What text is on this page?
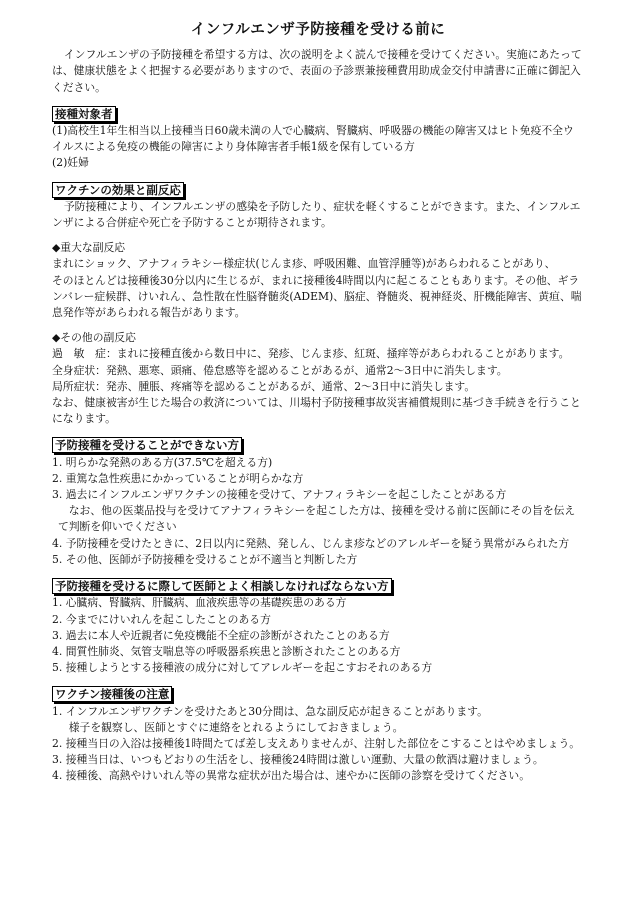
インフルエンザ予防接種を受ける前に

インフルエンザの予防接種を希望する方は、次の説明をよく読んで接種を受けてください。実施にあたっては、健康状態をよく把握する必要がありますので、表面の予診票兼接種費用助成金交付申請書に正確に御記入ください。

接種対象者

(1)高校生1年生相当以上接種当日60歳未満の人で心臓病、腎臓病、呼吸器の機能の障害又はヒト免疫不全ウイルスによる免疫の機能の障害により身体障害者手帳1級を保有している方

(2)妊婦

ワクチンの効果と副反応

予防接種により、インフルエンザの感染を予防したり、症状を軽くすることができます。また、インフルエンザによる合併症や死亡を予防することが期待されます。

◆重大な副反応

まれにショック、アナフィラキシー様症状(じんま疹、呼吸困難、血管浮腫等)があらわれることがあり、

そのほとんどは接種後30分以内に生じるが、まれに接種後4時間以内に起こることもあります。その他、ギランバレー症候群、けいれん、急性散在性脳脊髄炎(ADEM)、脳症、脊髄炎、視神経炎、肝機能障害、黄疸、喘息発作等があらわれる報告があります。

◆その他の副反応

過　敏　症：まれに接種直後から数日中に、発疹、じんま疹、紅斑、掻痒等があらわれることがあります。

全身症状：発熱、悪寒、頭痛、倦怠感等を認めることがあるが、通常2～3日中に消失します。

局所症状：発赤、腫脹、疼痛等を認めることがあるが、通常、2～3日中に消失します。

なお、健康被害が生じた場合の救済については、川場村予防接種事故災害補償規則に基づき手続きを行うことになります。

予防接種を受けることができない方

1. 明らかな発熱のある方(37.5℃を超える方)

2. 重篤な急性疾患にかかっていることが明らかな方

3. 過去にインフルエンザワクチンの接種を受けて、アナフィラキシーを起こしたことがある方

なお、他の医薬品投与を受けてアナフィラキシーを起こした方は、接種を受ける前に医師にその旨を伝えて判断を仰いでください

4. 予防接種を受けたときに、2日以内に発熱、発しん、じんま疹などのアレルギーを疑う異常がみられた方

5. その他、医師が予防接種を受けることが不適当と判断した方

予防接種を受けるに際して医師とよく相談しなければならない方

1. 心臓病、腎臓病、肝臓病、血液疾患等の基礎疾患のある方

2. 今までにけいれんを起こしたことのある方

3. 過去に本人や近親者に免疫機能不全症の診断がされたことのある方

4. 間質性肺炎、気管支喘息等の呼吸器系疾患と診断されたことのある方

5. 接種しようとする接種液の成分に対してアレルギーを起こすおそれのある方

ワクチン接種後の注意

1. インフルエンザワクチンを受けたあと30分間は、急な副反応が起きることがあります。

様子を観察し、医師とすぐに連絡をとれるようにしておきましょう。

2. 接種当日の入浴は接種後1時間たてば差し支えありませんが、注射した部位をこすることはやめましょう。

3. 接種当日は、いつもどおりの生活をし、接種後24時間は激しい運動、大量の飲酒は避けましょう。

4. 接種後、高熱やけいれん等の異常な症状が出た場合は、速やかに医師の診察を受けてください。
